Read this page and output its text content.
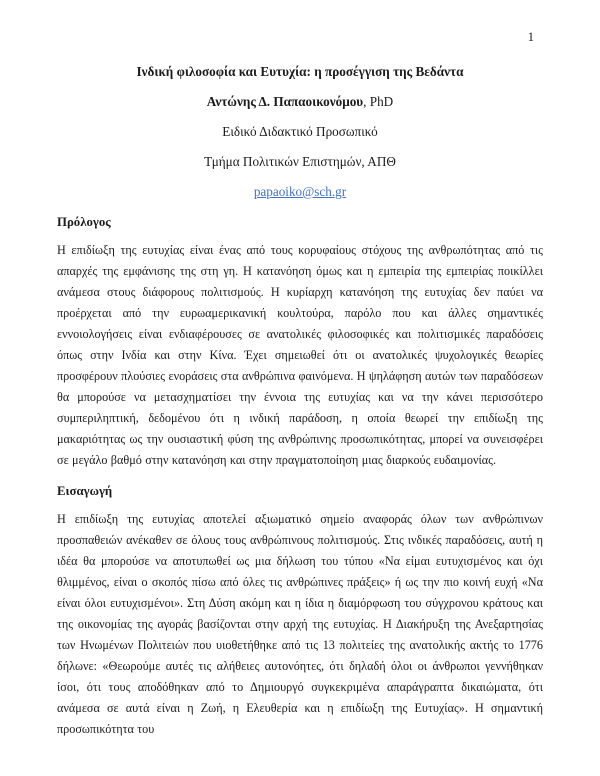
1
Ινδική φιλοσοφία και Ευτυχία: η προσέγγιση της Βεδάντα

Αντώνης Δ. Παπαοικονόμου, PhD

Ειδικό Διδακτικό Προσωπικό

Τμήμα Πολιτικών Επιστημών, ΑΠΘ

papaoiko@sch.gr

Πρόλογος

Η επιδίωξη της ευτυχίας είναι ένας από τους κορυφαίους στόχους της ανθρωπότητας από τις απαρχές της εμφάνισης της στη γη. Η κατανόηση όμως και η εμπειρία της εμπειρίας ποικίλλει ανάμεσα στους διάφορους πολιτισμούς. Η κυρίαρχη κατανόηση της ευτυχίας δεν παύει να προέρχεται από την ευρωαμερικανική κουλτούρα, παρόλο που και άλλες σημαντικές εννοιολογήσεις είναι ενδιαφέρουσες σε ανατολικές φιλοσοφικές και πολιτισμικές παραδόσεις όπως στην Ινδία και στην Κίνα. Έχει σημειωθεί ότι οι ανατολικές ψυχολογικές θεωρίες προσφέρουν πλούσιες ενοράσεις στα ανθρώπινα φαινόμενα. Η ψηλάφηση αυτών των παραδόσεων θα μπορούσε να μετασχηματίσει την έννοια της ευτυχίας και να την κάνει περισσότερο συμπεριληπτική, δεδομένου ότι η ινδική παράδοση, η οποία θεωρεί την επιδίωξη της μακαριότητας ως την ουσιαστική φύση της ανθρώπινης προσωπικότητας, μπορεί να συνεισφέρει σε μεγάλο βαθμό στην κατανόηση και στην πραγματοποίηση μιας διαρκούς ευδαιμονίας.

Εισαγωγή

Η επιδίωξη της ευτυχίας αποτελεί αξιωματικό σημείο αναφοράς όλων των ανθρώπινων προσπαθειών ανέκαθεν σε όλους τους ανθρώπινους πολιτισμούς. Στις ινδικές παραδόσεις, αυτή η ιδέα θα μπορούσε να αποτυπωθεί ως μια δήλωση του τύπου «Να είμαι ευτυχισμένος και όχι θλιμμένος, είναι ο σκοπός πίσω από όλες τις ανθρώπινες πράξεις» ή ως την πιο κοινή ευχή «Να είναι όλοι ευτυχισμένοι». Στη Δύση ακόμη και η ίδια η διαμόρφωση του σύγχρονου κράτους και της οικονομίας της αγοράς βασίζονται στην αρχή της ευτυχίας. Η Διακήρυξη της Ανεξαρτησίας των Ηνωμένων Πολιτειών που υιοθετήθηκε από τις 13 πολιτείες της ανατολικής ακτής το 1776 δήλωνε: «Θεωρούμε αυτές τις αλήθειες αυτονόητες, ότι δηλαδή όλοι οι άνθρωποι γεννήθηκαν ίσοι, ότι τους αποδόθηκαν από το Δημιουργό συγκεκριμένα απαράγραπτα δικαιώματα, ότι ανάμεσα σε αυτά είναι η Ζωή, η Ελευθερία και η επιδίωξη της Ευτυχίας». Η σημαντική προσωπικότητα του
